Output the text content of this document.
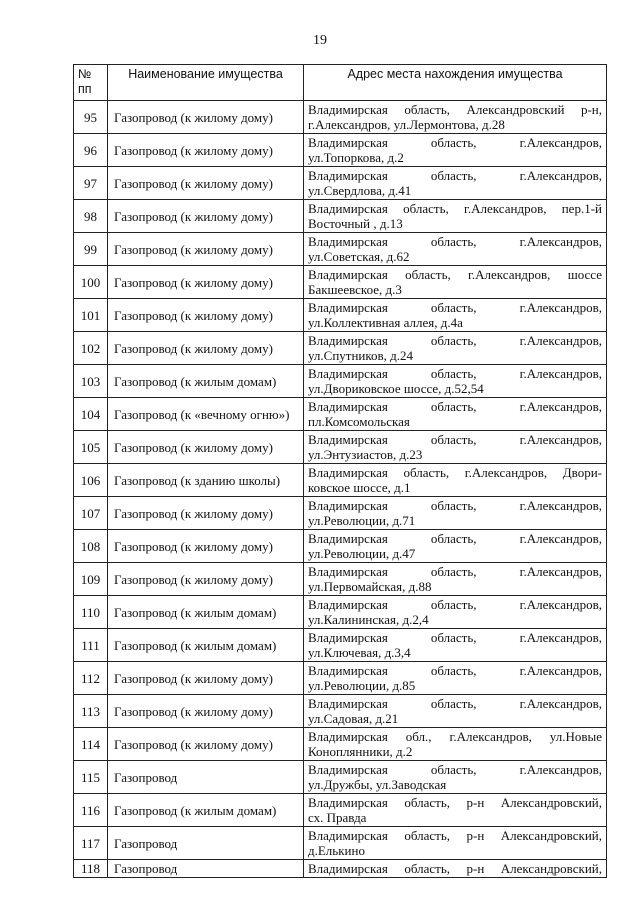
19
№
пп	Наименование имущества	Адрес места нахождения имущества
95	Газопровод (к жилому дому)	Владимирская область, Александровский р-н,
г.Александров, ул.Лермонтова, д.28

96	Газопровод (к жилому дому)	Владимирская область, г.Александров,
ул.Топоркова, д.2

97	Газопровод (к жилому дому)	Владимирская область, г.Александров,
ул.Свердлова, д.41

98	Газопровод (к жилому дому)	Владимирская область, г.Александров, пер.1-й
Восточный , д.13

99	Газопровод (к жилому дому)	Владимирская область, г.Александров,
ул.Советская, д.62

100	Газопровод (к жилому дому)	Владимирская область, г.Александров, шоссе
Бакшеевское, д.3

101	Газопровод (к жилому дому)	Владимирская область, г.Александров,
ул.Коллективная аллея, д.4а

102	Газопровод (к жилому дому)	Владимирская область, г.Александров,
ул.Спутников, д.24

103	Газопровод (к жилым домам)	Владимирская область, г.Александров,
ул.Двориковское шоссе, д.52,54

104	Газопровод (к «вечному огню»)	Владимирская область, г.Александров,
пл.Комсомольская

105	Газопровод (к жилому дому)	Владимирская область, г.Александров,
ул.Энтузиастов, д.23

106	Газопровод (к зданию школы)	Владимирская область, г.Александров, Двори-
ковское шоссе, д.1

107	Газопровод (к жилому дому)	Владимирская область, г.Александров,
ул.Революции, д.71

108	Газопровод (к жилому дому)	Владимирская область, г.Александров,
ул.Революции, д.47

109	Газопровод (к жилому дому)	Владимирская область, г.Александров,
ул.Первомайская, д.88

110	Газопровод (к жилым домам)	Владимирская область, г.Александров,
ул.Калининская, д.2,4

111	Газопровод (к жилым домам)	Владимирская область, г.Александров,
ул.Ключевая, д.3,4

112	Газопровод (к жилому дому)	Владимирская область, г.Александров,
ул.Революции, д.85

113	Газопровод (к жилому дому)	Владимирская область, г.Александров,
ул.Садовая, д.21

114	Газопровод (к жилому дому)	Владимирская обл., г.Александров, ул.Новые
Коноплянники, д.2

115	Газопровод	Владимирская область, г.Александров,
ул.Дружбы, ул.Заводская

116	Газопровод (к жилым домам)	Владимирская область, р-н Александровский,
сх. Правда

117	Газопровод	Владимирская область, р-н Александровский,
д.Елькино

118	Газопровод	Владимирская область, р-н Александровский,
